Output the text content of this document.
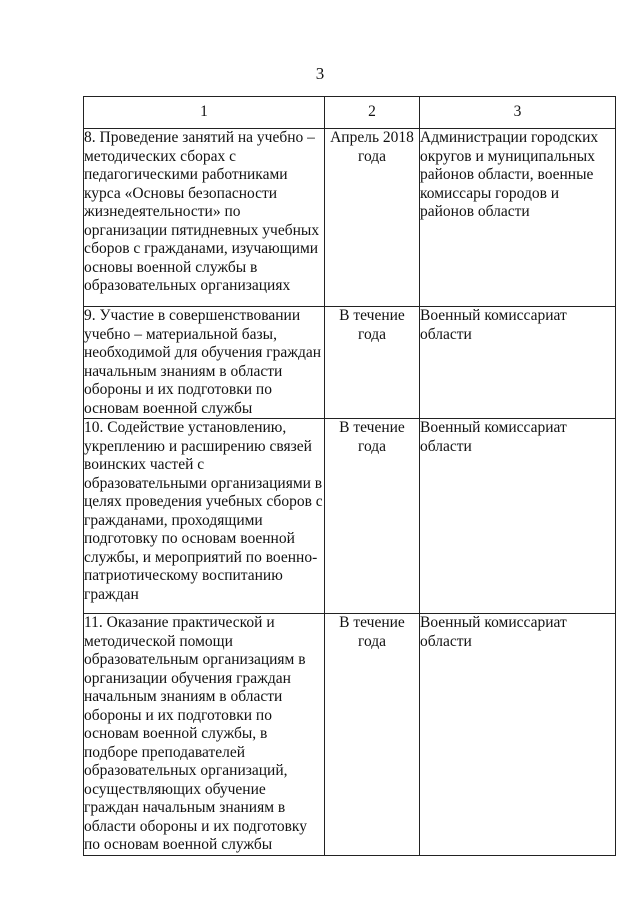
3
1	2	3
8. Проведение занятий на учебно – методических сборах с педагогическими работниками курса «Основы безопасности жизнедеятельности» по организации пятидневных учебных сборов с гражданами, изучающими основы военной службы в образовательных организациях	Апрель 2018 года	Администрации городских округов и муниципальных районов области, военные комиссары городов и районов области
9. Участие в совершенствовании учебно – материальной базы, необходимой для обучения граждан начальным знаниям в области обороны и их подготовки по основам военной службы	В течение года	Военный комиссариат области
10. Содействие установлению, укреплению и расширению связей воинских частей с образовательными организациями в целях проведения учебных сборов с гражданами, проходящими подготовку по основам военной службы, и мероприятий по военно-патриотическому воспитанию граждан	В течение года	Военный комиссариат области
11. Оказание практической и методической помощи образовательным организациям в организации обучения граждан начальным знаниям в области обороны и их подготовки по основам военной службы, в подборе преподавателей образовательных организаций, осуществляющих обучение граждан начальным знаниям в области обороны и их подготовку по основам военной службы	В течение года	Военный комиссариат области
